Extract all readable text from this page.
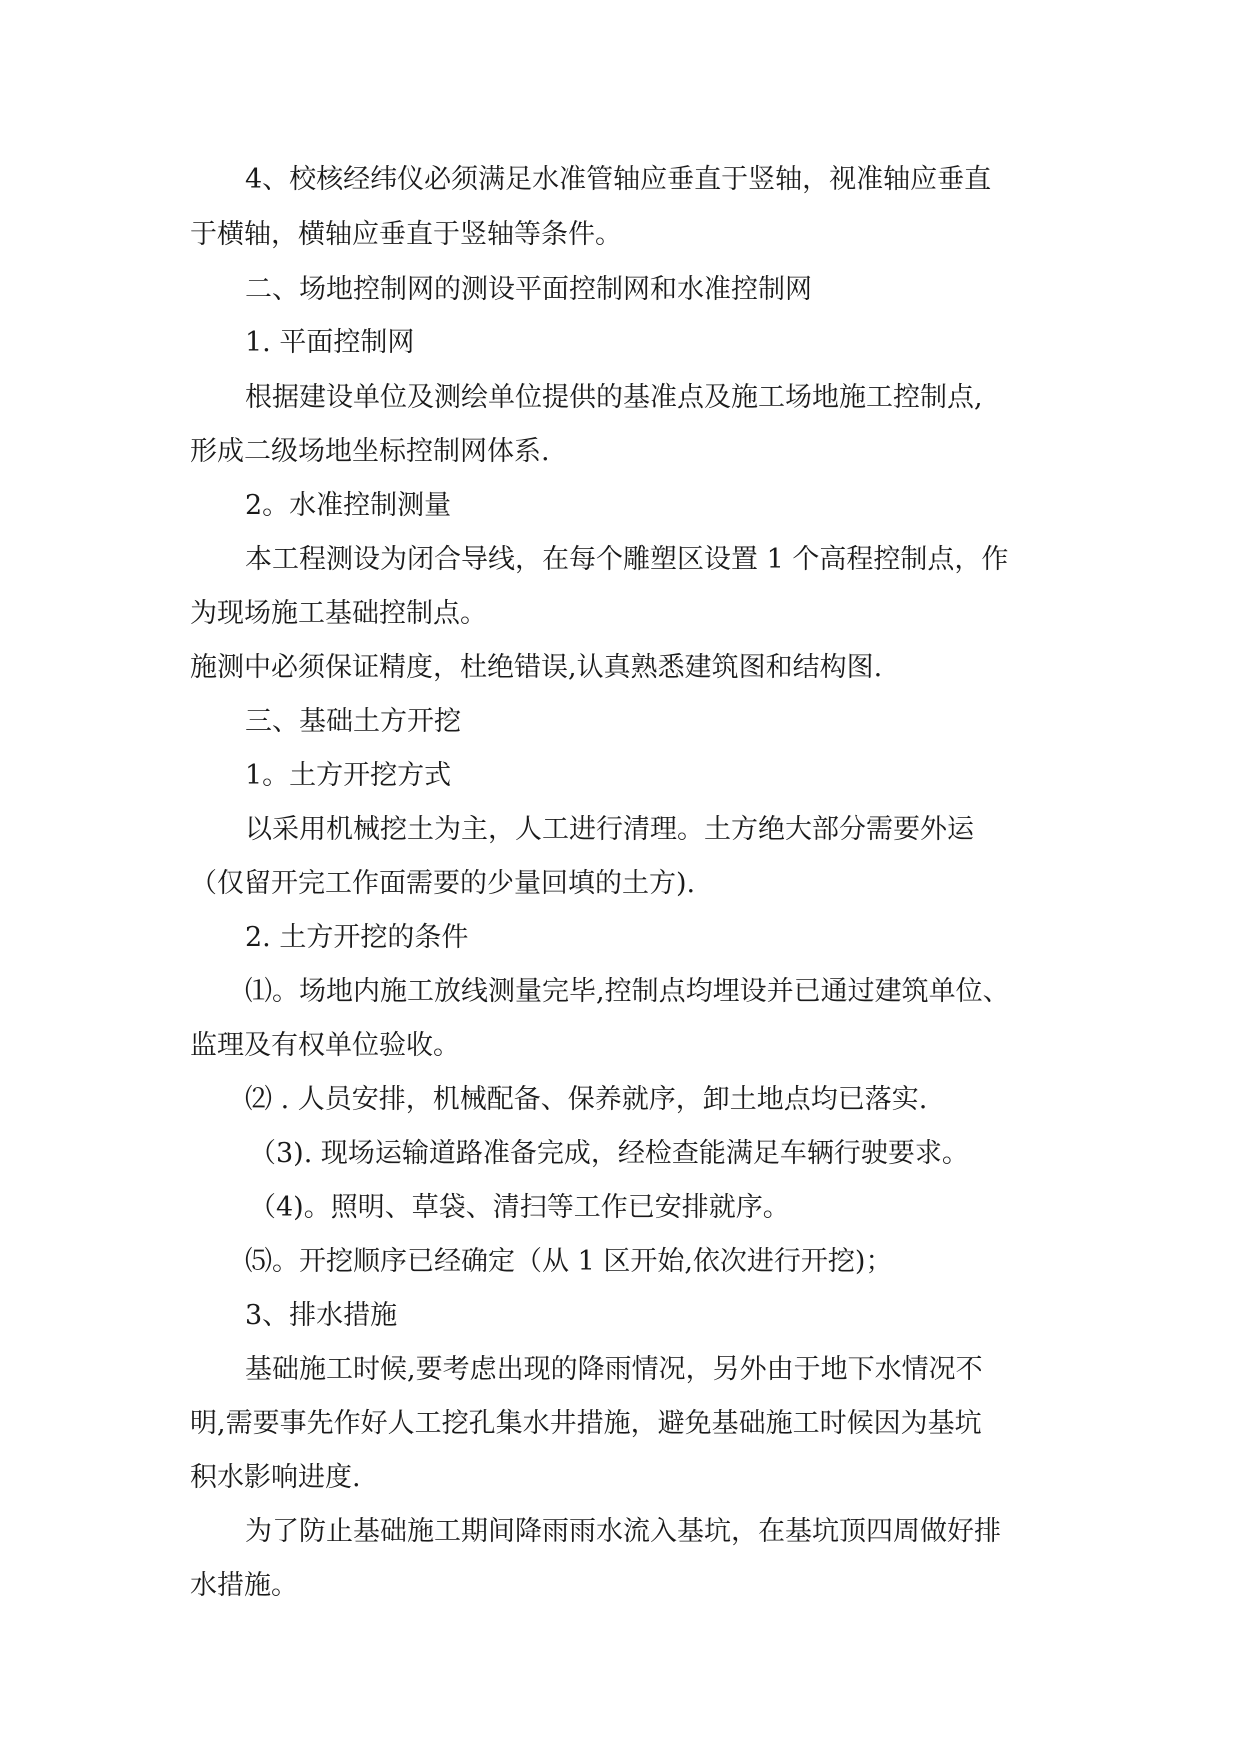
4、校核经纬仪必须满足水准管轴应垂直于竖轴，视准轴应垂直
于横轴，横轴应垂直于竖轴等条件。
二、场地控制网的测设平面控制网和水准控制网
1. 平面控制网
根据建设单位及测绘单位提供的基准点及施工场地施工控制点,
形成二级场地坐标控制网体系.
2。水准控制测量
本工程测设为闭合导线，在每个雕塑区设置 1 个高程控制点，作
为现场施工基础控制点。
施测中必须保证精度，杜绝错误,认真熟悉建筑图和结构图.
三、基础土方开挖
1。土方开挖方式
以采用机械挖土为主，人工进行清理。土方绝大部分需要外运
（仅留开完工作面需要的少量回填的土方).
2. 土方开挖的条件
⑴。场地内施工放线测量完毕,控制点均埋设并已通过建筑单位、
监理及有权单位验收。
⑵ . 人员安排，机械配备、保养就序，卸土地点均已落实.
（3). 现场运输道路准备完成，经检查能满足车辆行驶要求。
（4)。照明、草袋、清扫等工作已安排就序。
⑸。开挖顺序已经确定（从 1 区开始,依次进行开挖)；
3、排水措施
基础施工时候,要考虑出现的降雨情况，另外由于地下水情况不
明,需要事先作好人工挖孔集水井措施，避免基础施工时候因为基坑
积水影响进度.
为了防止基础施工期间降雨雨水流入基坑，在基坑顶四周做好排
水措施。
